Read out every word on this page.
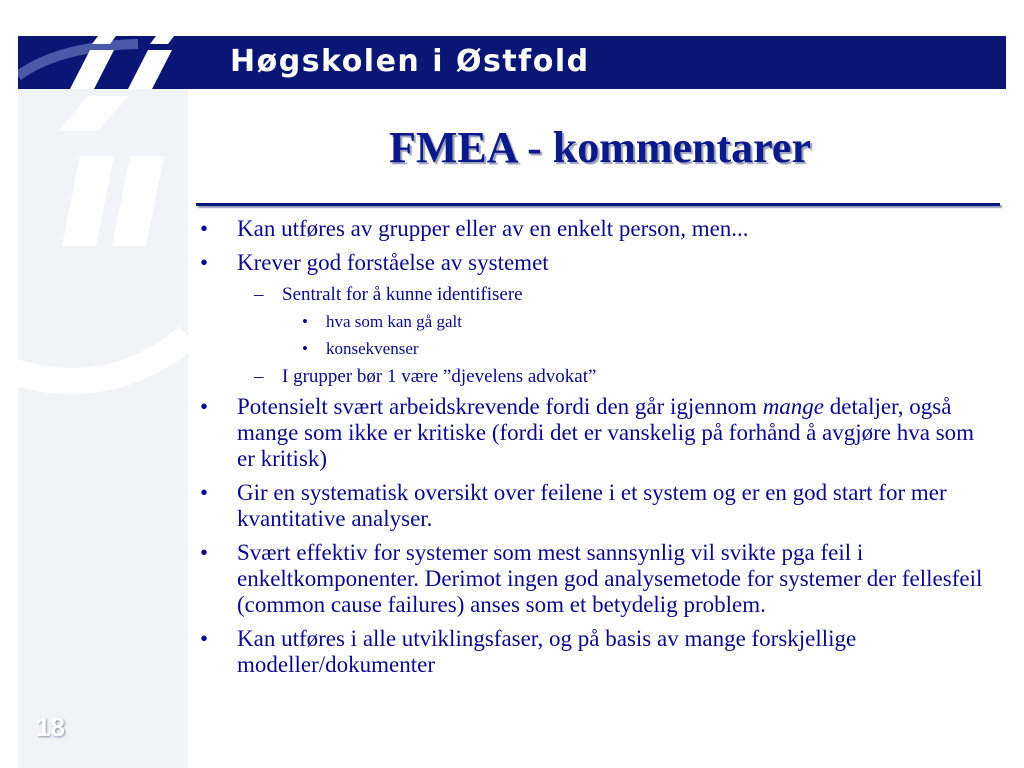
Høgskolen i Østfold
FMEA - kommentarer
• Kan utføres av grupper eller av en enkelt person, men...
• Krever god forståelse av systemet
– Sentralt for å kunne identifisere
• hva som kan gå galt
• konsekvenser
– I grupper bør 1 være ”djevelens advokat”
• Potensielt svært arbeidskrevende fordi den går igjennom mange detaljer, også mange som ikke er kritiske (fordi det er vanskelig på forhånd å avgjøre hva som er kritisk)
• Gir en systematisk oversikt over feilene i et system og er en god start for mer kvantitative analyser.
• Svært effektiv for systemer som mest sannsynlig vil svikte pga feil i enkeltkomponenter. Derimot ingen god analysemetode for systemer der fellesfeil (common cause failures) anses som et betydelig problem.
• Kan utføres i alle utviklingsfaser, og på basis av mange forskjellige modeller/dokumenter
18
